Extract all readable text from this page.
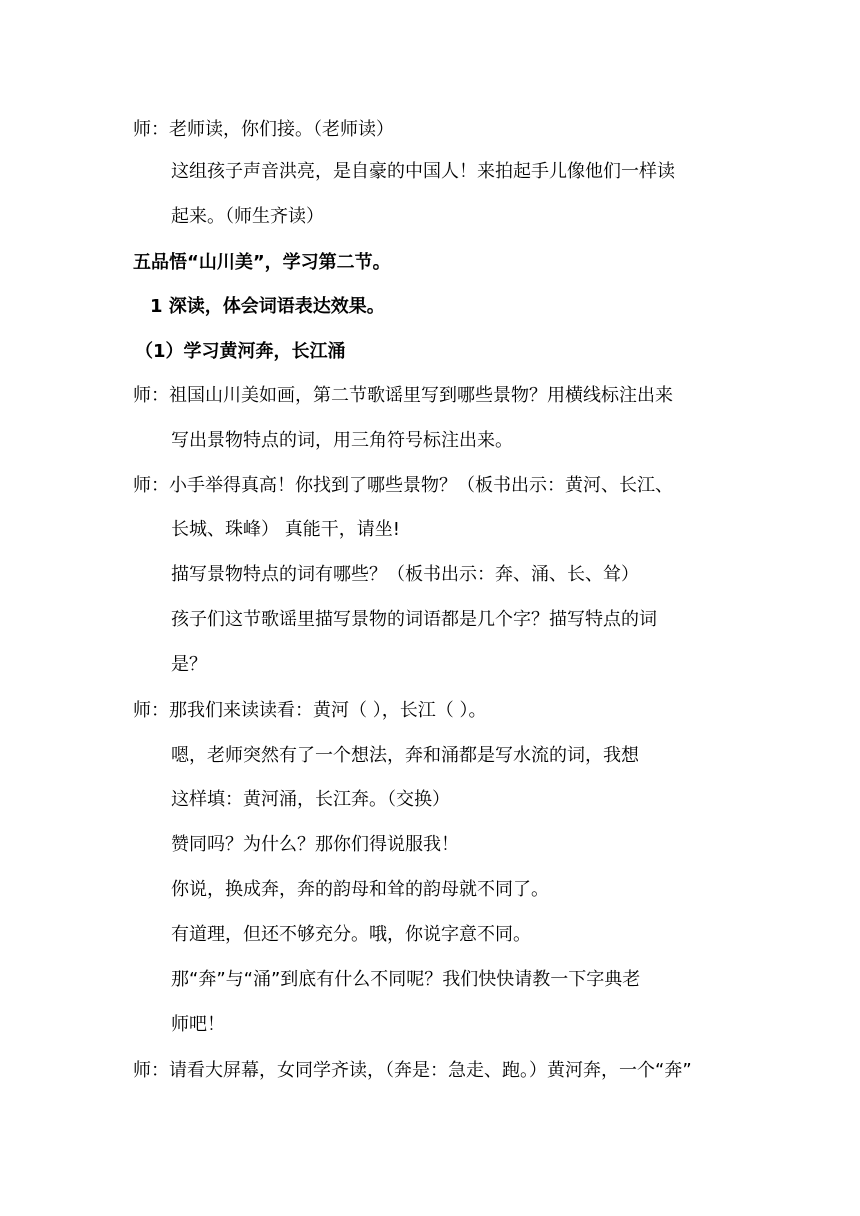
师：老师读，你们接。（老师读）
这组孩子声音洪亮，是自豪的中国人！来拍起手儿像他们一样读
起来。（师生齐读）
五品悟“山川美”，学习第二节。
1 深读，体会词语表达效果。
（1）学习黄河奔，长江涌
师：祖国山川美如画，第二节歌谣里写到哪些景物？用横线标注出来
写出景物特点的词，用三角符号标注出来。
师：小手举得真高！你找到了哪些景物？（板书出示：黄河、长江、
长城、珠峰） 真能干，请坐!
描写景物特点的词有哪些？（板书出示：奔、涌、长、耸）
孩子们这节歌谣里描写景物的词语都是几个字？描写特点的词
是？
师：那我们来读读看：黄河（ ），长江（ ）。
嗯，老师突然有了一个想法，奔和涌都是写水流的词，我想
这样填：黄河涌，长江奔。（交换）
赞同吗？为什么？那你们得说服我！
你说，换成奔，奔的韵母和耸的韵母就不同了。
有道理，但还不够充分。哦，你说字意不同。
那“奔”与“涌”到底有什么不同呢？我们快快请教一下字典老
师吧！
师：请看大屏幕，女同学齐读，（奔是：急走、跑。）黄河奔，一个“奔”
